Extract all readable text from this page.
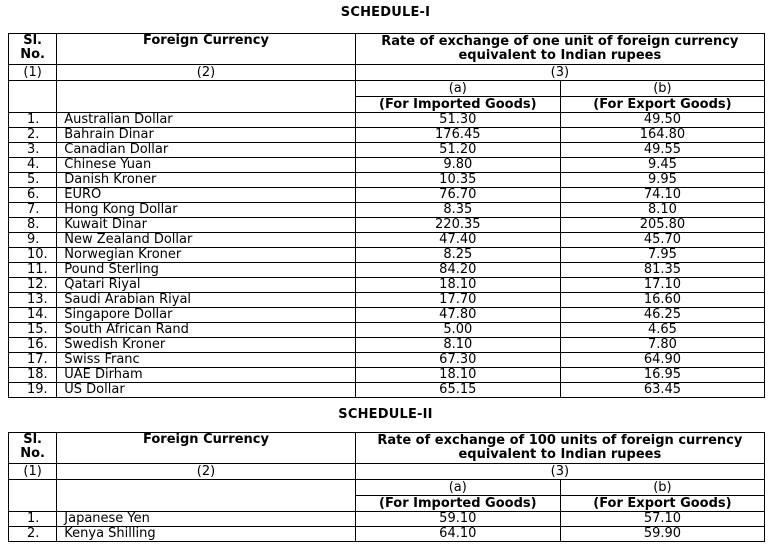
SCHEDULE-I
Sl. No.	Foreign Currency	Rate of exchange of one unit of foreign currency equivalent to Indian rupees	
(1)	(2)	(3)	
		(a)	(b)
		(For Imported Goods)	(For Export Goods)
1.	Australian Dollar	51.30	49.50
2.	Bahrain Dinar	176.45	164.80
3.	Canadian Dollar	51.20	49.55
4.	Chinese Yuan	9.80	9.45
5.	Danish Kroner	10.35	9.95
6.	EURO	76.70	74.10
7.	Hong Kong Dollar	8.35	8.10
8.	Kuwait Dinar	220.35	205.80
9.	New Zealand Dollar	47.40	45.70
10.	Norwegian Kroner	8.25	7.95
11.	Pound Sterling	84.20	81.35
12.	Qatari Riyal	18.10	17.10
13.	Saudi Arabian Riyal	17.70	16.60
14.	Singapore Dollar	47.80	46.25
15.	South African Rand	5.00	4.65
16.	Swedish Kroner	8.10	7.80
17.	Swiss Franc	67.30	64.90
18.	UAE Dirham	18.10	16.95
19.	US Dollar	65.15	63.45
SCHEDULE-II
Sl. No.	Foreign Currency	Rate of exchange of 100 units of foreign currency equivalent to Indian rupees	
(1)	(2)	(3)	
		(a)	(b)
		(For Imported Goods)	(For Export Goods)
1.	Japanese Yen	59.10	57.10
2.	Kenya Shilling	64.10	59.90
